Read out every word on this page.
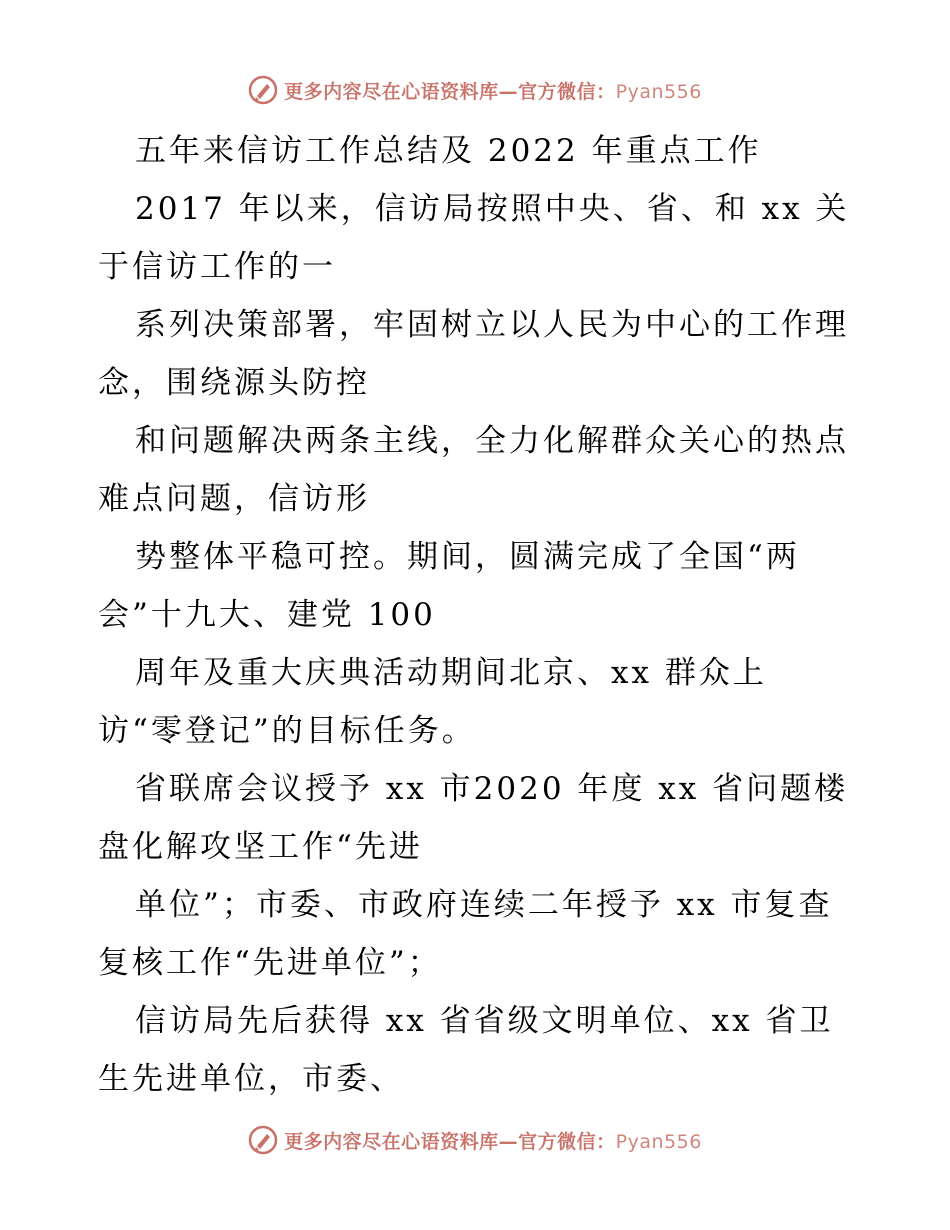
更多内容尽在心语资料库—官方微信：Pyan556
五年来信访工作总结及 2022 年重点工作
2017 年以来，信访局按照中央、省、和 xx 关
于信访工作的一
系列决策部署，牢固树立以人民为中心的工作理
念，围绕源头防控
和问题解决两条主线，全力化解群众关心的热点
难点问题，信访形
势整体平稳可控。期间，圆满完成了全国“两
会”十九大、建党 100
周年及重大庆典活动期间北京、xx 群众上
访“零登记”的目标任务。
省联席会议授予 xx 市2020 年度 xx 省问题楼
盘化解攻坚工作“先进
单位”；市委、市政府连续二年授予 xx 市复查
复核工作“先进单位”；
信访局先后获得 xx 省省级文明单位、xx 省卫
生先进单位，市委、
更多内容尽在心语资料库—官方微信：Pyan556
